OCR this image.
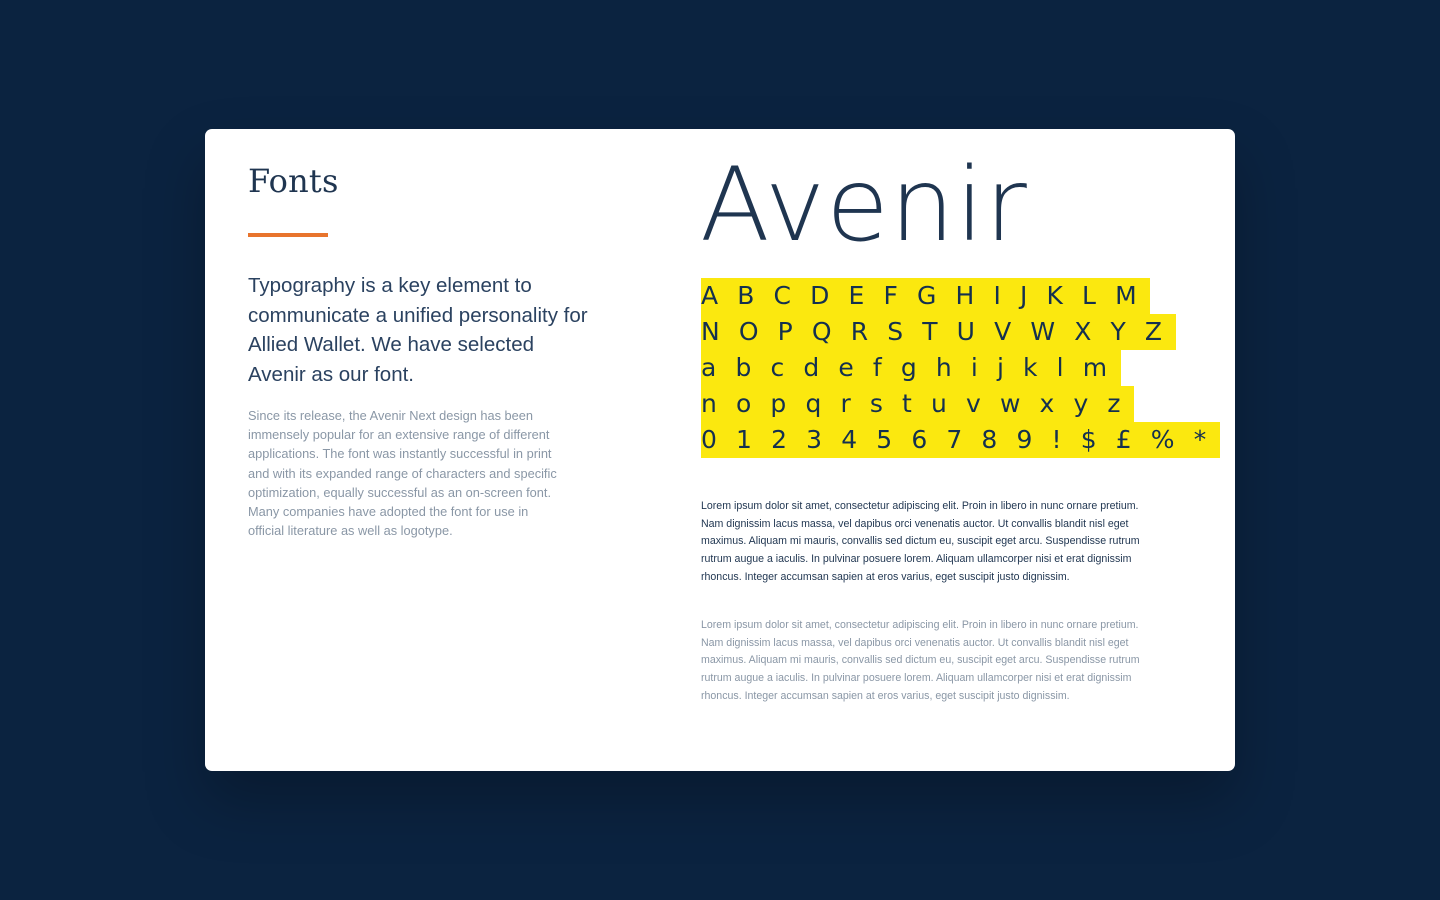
Fonts

Typography is a key element to communicate a unified personality for Allied Wallet. We have selected Avenir as our font.

Since its release, the Avenir Next design has been immensely popular for an extensive range of different applications. The font was instantly successful in print and with its expanded range of characters and specific optimization, equally successful as an on-screen font. Many companies have adopted the font for use in official literature as well as logotype.

Avenir
A B C D E F G H I J K L M
N O P Q R S T U V W X Y Z
a b c d e f g h i j k l m
n o p q r s t u v w x y z
0 1 2 3 4 5 6 7 8 9 ! $ £ % *

Lorem ipsum dolor sit amet, consectetur adipiscing elit. Proin in libero in nunc ornare pretium. Nam dignissim lacus massa, vel dapibus orci venenatis auctor. Ut convallis blandit nisl eget maximus. Aliquam mi mauris, convallis sed dictum eu, suscipit eget arcu. Suspendisse rutrum rutrum augue a iaculis. In pulvinar posuere lorem. Aliquam ullamcorper nisi et erat dignissim rhoncus. Integer accumsan sapien at eros varius, eget suscipit justo dignissim.

Lorem ipsum dolor sit amet, consectetur adipiscing elit. Proin in libero in nunc ornare pretium. Nam dignissim lacus massa, vel dapibus orci venenatis auctor. Ut convallis blandit nisl eget maximus. Aliquam mi mauris, convallis sed dictum eu, suscipit eget arcu. Suspendisse rutrum rutrum augue a iaculis. In pulvinar posuere lorem. Aliquam ullamcorper nisi et erat dignissim rhoncus. Integer accumsan sapien at eros varius, eget suscipit justo dignissim.
